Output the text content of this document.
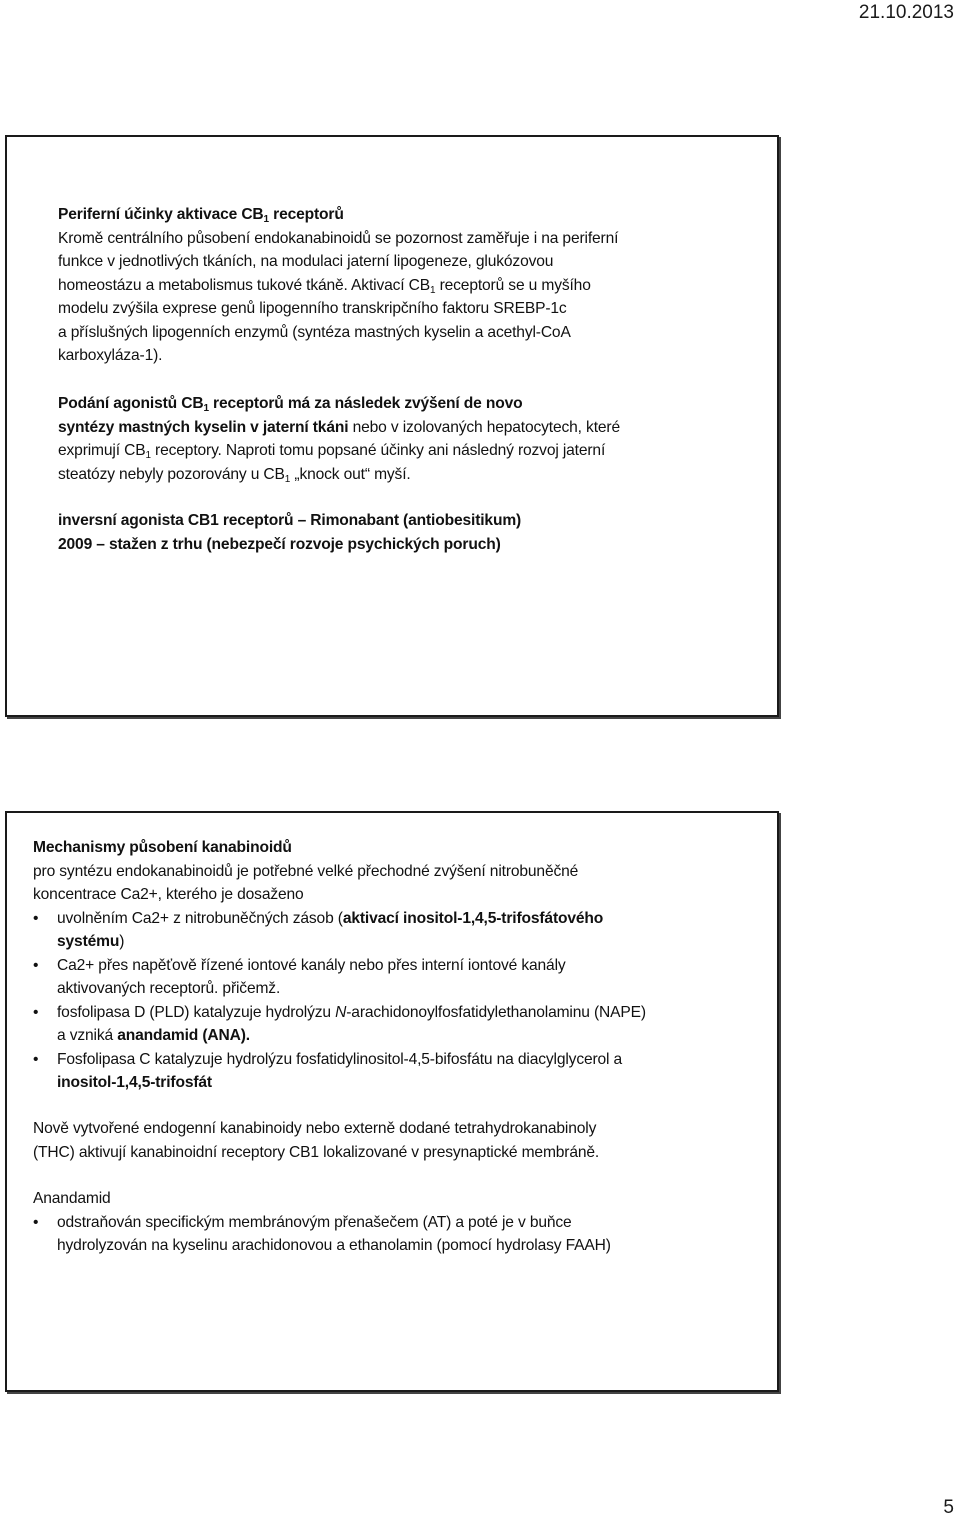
21.10.2013
Periferní účinky aktivace $CB_1$ receptorů
Kromě centrálního působení endokanabinoidů se pozornost zaměřuje i na periferní
funkce v jednotlivých tkáních, na modulaci jaterní lipogeneze, glukózovou
homeostázu a metabolismus tukové tkáně. Aktivací $CB_1$ receptorů se u myšího
modelu zvýšila exprese genů lipogenního transkripčního faktoru SREBP-1c
a příslušných lipogenních enzymů (syntéza mastných kyselin a acethyl-CoA
karboxyláza-1).
Podání agonistů $CB_1$ receptorů má za následek zvýšení de novo
syntézy mastných kyselin v jaterní tkáni nebo v izolovaných hepatocytech, které
exprimují $CB_1$ receptory. Naproti tomu popsané účinky ani následný rozvoj jaterní
steatózy nebyly pozorovány u $CB_1$ „knock out“ myší.
inversní agonista CB1 receptorů – Rimonabant (antiobesitikum)
2009 – stažen z trhu (nebezpečí rozvoje psychických poruch)
Mechanismy působení kanabinoidů
pro syntézu endokanabinoidů je potřebné velké přechodné zvýšení nitrobuněčné
koncentrace Ca2+, kterého je dosaženo
• uvolněním Ca2+ z nitrobuněčných zásob (aktivací inositol-1,4,5-trifosfátového
systému)
• Ca2+ přes napěťově řízené iontové kanály nebo přes interní iontové kanály
aktivovaných receptorů. přičemž.
• fosfolipasa D (PLD) katalyzuje hydrolýzu N-arachidonoylfosfatidylethanolaminu (NAPE)
a vzniká anandamid (ANA).
• Fosfolipasa C katalyzuje hydrolýzu fosfatidylinositol-4,5-bifosfátu na diacylglycerol a
inositol-1,4,5-trifosfát
Nově vytvořené endogenní kanabinoidy nebo externě dodané tetrahydrokanabinoly
(THC) aktivují kanabinoidní receptory CB1 lokalizované v presynaptické membráně.
Anandamid
• odstraňován specifickým membránovým přenašečem (AT) a poté je v buňce
hydrolyzován na kyselinu arachidonovou a ethanolamin (pomocí hydrolasy FAAH)
5
